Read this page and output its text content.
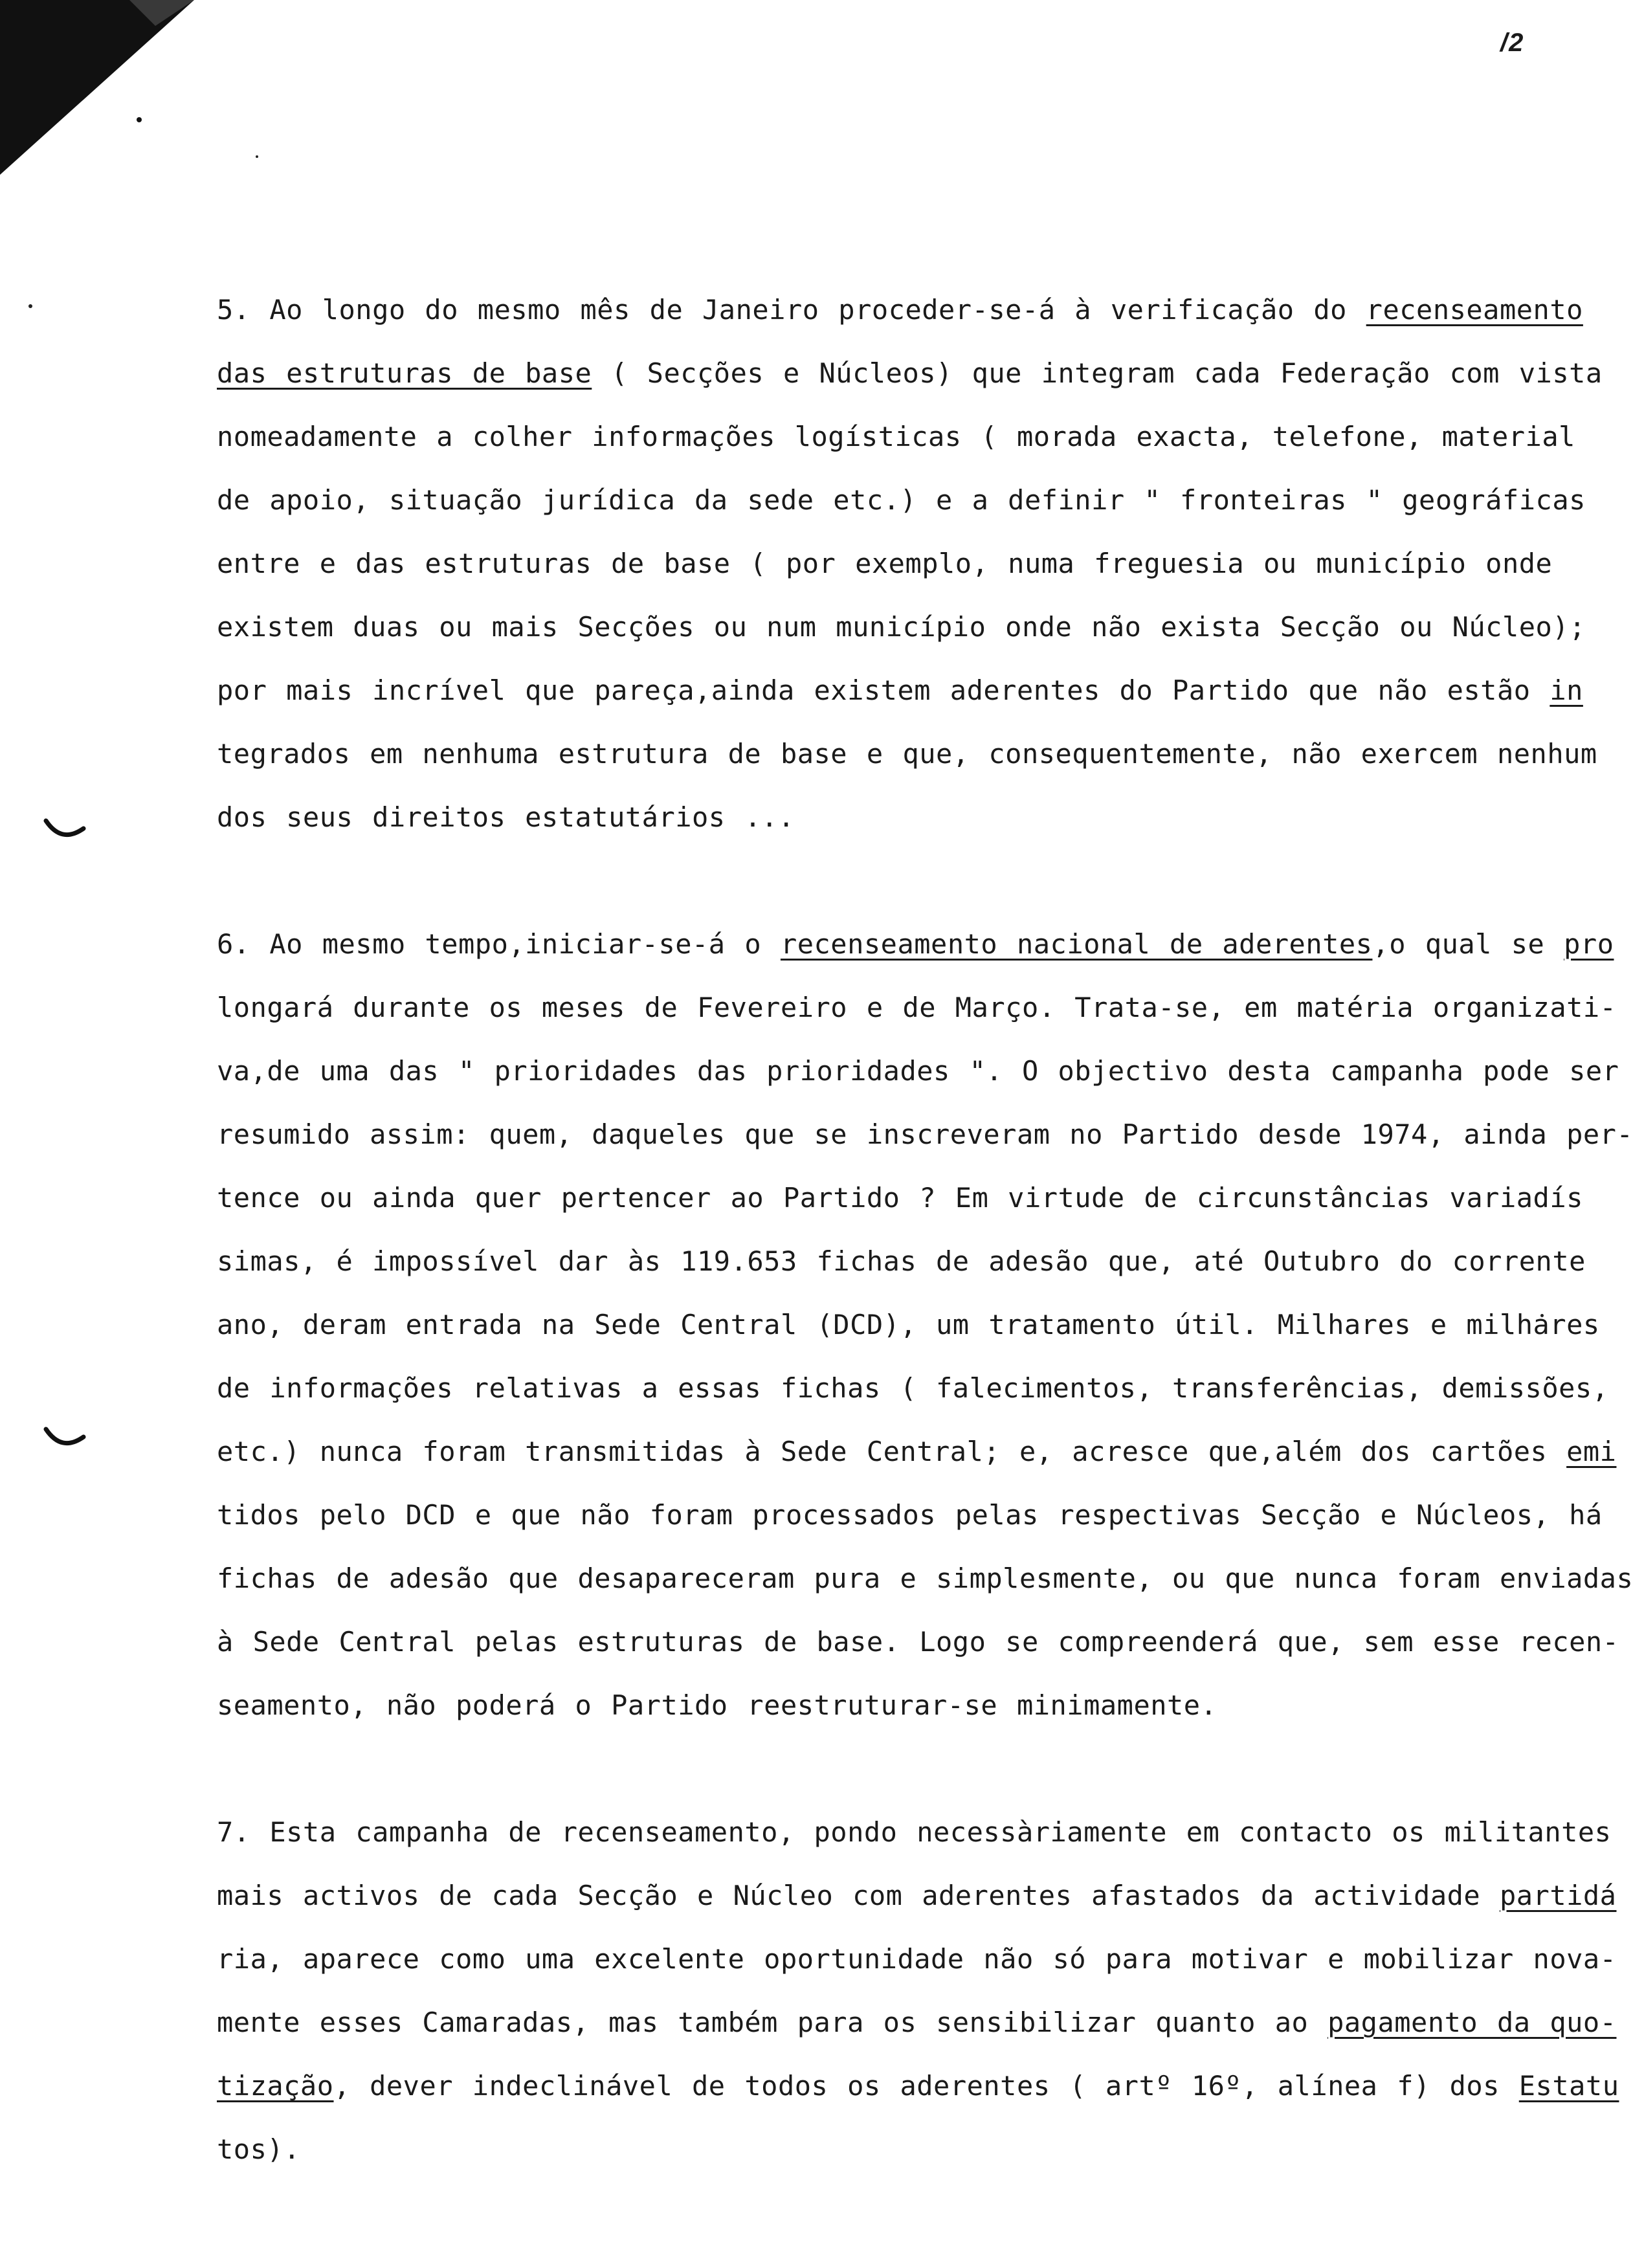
/2
5. Ao longo do mesmo mês de Janeiro proceder-se-á à verificação do recenseamento
das estruturas de base ( Secções e Núcleos) que integram cada Federação com vista
nomeadamente a colher informações logísticas ( morada exacta, telefone, material
de apoio, situação jurídica da sede etc.) e a definir " fronteiras " geográficas
entre e das estruturas de base ( por exemplo, numa freguesia ou município onde
existem duas ou mais Secções ou num município onde não exista Secção ou Núcleo);
por mais incrível que pareça,ainda existem aderentes do Partido que não estão in
tegrados em nenhuma estrutura de base e que, consequentemente, não exercem nenhum
dos seus direitos estatutários ...
6. Ao mesmo tempo,iniciar-se-á o recenseamento nacional de aderentes,o qual se pro
longará durante os meses de Fevereiro e de Março. Trata-se, em matéria organizati-
va,de uma das " prioridades das prioridades ". O objectivo desta campanha pode ser
resumido assim: quem, daqueles que se inscreveram no Partido desde 1974, ainda per-
tence ou ainda quer pertencer ao Partido ? Em virtude de circunstâncias variadís
simas, é impossível dar às 119.653 fichas de adesão que, até Outubro do corrente
ano, deram entrada na Sede Central (DCD), um tratamento útil. Milhares e milhares
de informações relativas a essas fichas ( falecimentos, transferências, demissões,
etc.) nunca foram transmitidas à Sede Central; e, acresce que,além dos cartões emi
tidos pelo DCD e que não foram processados pelas respectivas Secção e Núcleos, há
fichas de adesão que desapareceram pura e simplesmente, ou que nunca foram enviadas
à Sede Central pelas estruturas de base. Logo se compreenderá que, sem esse recen-
seamento, não poderá o Partido reestruturar-se minimamente.
7. Esta campanha de recenseamento, pondo necessàriamente em contacto os militantes
mais activos de cada Secção e Núcleo com aderentes afastados da actividade partidá
ria, aparece como uma excelente oportunidade não só para motivar e mobilizar nova-
mente esses Camaradas, mas também para os sensibilizar quanto ao pagamento da quo-
tização, dever indeclinável de todos os aderentes ( artº 16º, alínea f) dos Estatu
tos).
